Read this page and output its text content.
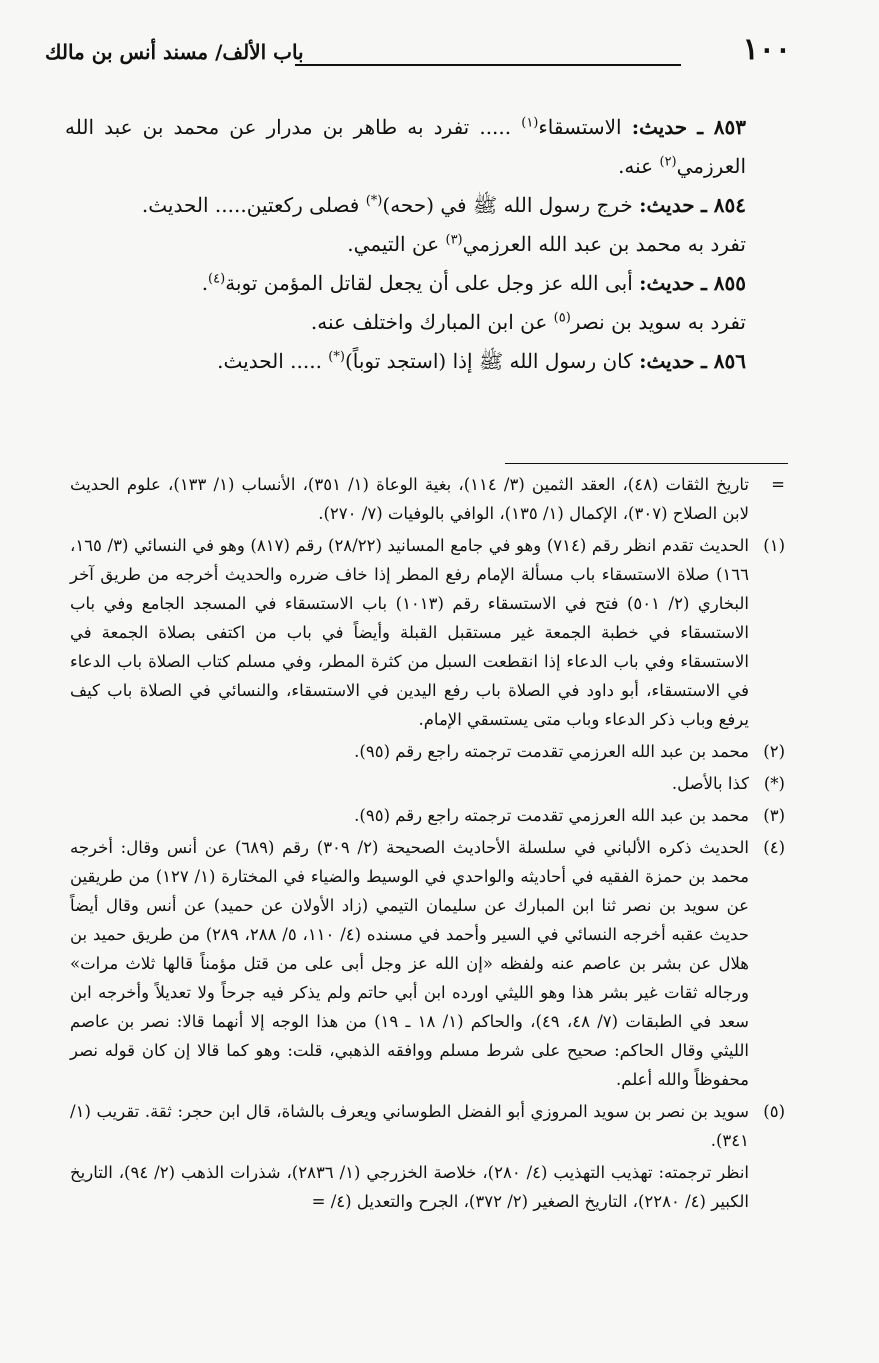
١٠٠
باب الألف/ مسند أنس بن مالك

٨٥٣ ـ حديث: الاستسقاء$^{(١)}$ ..... تفرد به طاهر بن مدرار عن محمد بن عبد الله العرزمي$^{(٢)}$ عنه.

٨٥٤ ـ حديث: خرج رسول الله ﷺ في (ححه)(*) فصلى ركعتين..... الحديث.

تفرد به محمد بن عبد الله العرزمي$^{(٣)}$ عن التيمي.

٨٥٥ ـ حديث: أبى الله عز وجل على أن يجعل لقاتل المؤمن توبة$^{(٤)}$.

تفرد به سويد بن نصر$^{(٥)}$ عن ابن المبارك واختلف عنه.

٨٥٦ ـ حديث: كان رسول الله ﷺ إذا (استجد توباً)(*) ..... الحديث.

=
تاريخ الثقات (٤٨)، العقد الثمين (٣/ ١١٤)، بغية الوعاة (١/ ٣٥١)، الأنساب (١/ ١٣٣)، علوم الحديث لابن الصلاح (٣٠٧)، الإكمال (١/ ١٣٥)، الوافي بالوفيات (٧/ ٢٧٠).
(١)
الحديث تقدم انظر رقم (٧١٤) وهو في جامع المسانيد (٢٨/٢٢) رقم (٨١٧) وهو في النسائي (٣/ ١٦٥، ١٦٦) صلاة الاستسقاء باب مسألة الإمام رفع المطر إذا خاف ضرره والحديث أخرجه من طريق آخر البخاري (٢/ ٥٠١) فتح في الاستسقاء رقم (١٠١٣) باب الاستسقاء في المسجد الجامع وفي باب الاستسقاء في خطبة الجمعة غير مستقبل القبلة وأيضاً في باب من اكتفى بصلاة الجمعة في الاستسقاء وفي باب الدعاء إذا انقطعت السبل من كثرة المطر، وفي مسلم كتاب الصلاة باب الدعاء في الاستسقاء، أبو داود في الصلاة باب رفع اليدين في الاستسقاء، والنسائي في الصلاة باب كيف يرفع وباب ذكر الدعاء وباب متى يستسقي الإمام.
(٢)
محمد بن عبد الله العرزمي تقدمت ترجمته راجع رقم (٩٥).
(*)
كذا بالأصل.
(٣)
محمد بن عبد الله العرزمي تقدمت ترجمته راجع رقم (٩٥).
(٤)
الحديث ذكره الألباني في سلسلة الأحاديث الصحيحة (٢/ ٣٠٩) رقم (٦٨٩) عن أنس وقال: أخرجه محمد بن حمزة الفقيه في أحاديثه والواحدي في الوسيط والضياء في المختارة (١/ ١٢٧) من طريقين عن سويد بن نصر ثنا ابن المبارك عن سليمان التيمي (زاد الأولان عن حميد) عن أنس وقال أيضاً حديث عقبه أخرجه النسائي في السير وأحمد في مسنده (٤/ ١١٠، ٥/ ٢٨٨، ٢٨٩) من طريق حميد بن هلال عن بشر بن عاصم عنه ولفظه «إن الله عز وجل أبى على من قتل مؤمناً قالها ثلاث مرات» ورجاله ثقات غير بشر هذا وهو الليثي اورده ابن أبي حاتم ولم يذكر فيه جرحاً ولا تعديلاً وأخرجه ابن سعد في الطبقات (٧/ ٤٨، ٤٩)، والحاكم (١/ ١٨ ـ ١٩) من هذا الوجه إلا أنهما قالا: نصر بن عاصم الليثي وقال الحاكم: صحيح على شرط مسلم ووافقه الذهبي، قلت: وهو كما قالا إن كان قوله نصر محفوظاً والله أعلم.
(٥)
سويد بن نصر بن سويد المروزي أبو الفضل الطوساني ويعرف بالشاة، قال ابن حجر: ثقة. تقريب (١/ ٣٤١).

انظر ترجمته: تهذيب التهذيب (٤/ ٢٨٠)، خلاصة الخزرجي (١/ ٢٨٣٦)، شذرات الذهب (٢/ ٩٤)، التاريخ الكبير (٤/ ٢٢٨٠)، التاريخ الصغير (٢/ ٣٧٢)، الجرح والتعديل (٤/ =
